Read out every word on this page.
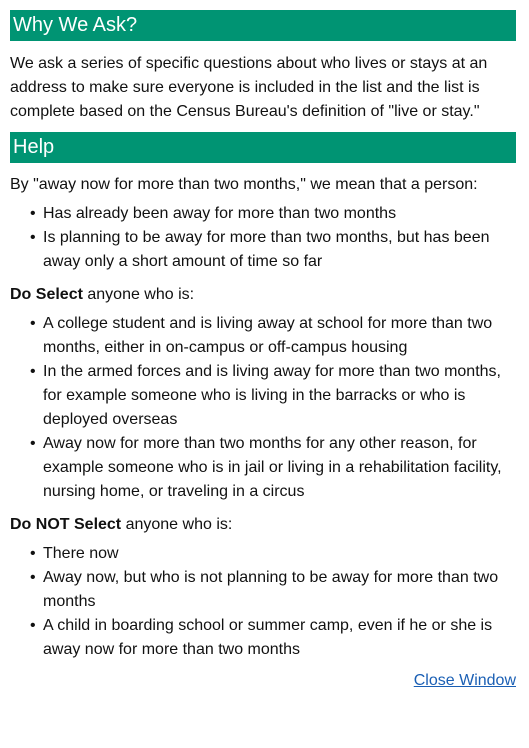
Why We Ask?

We ask a series of specific questions about who lives or stays at an address to make sure everyone is included in the list and the list is complete based on the Census Bureau's definition of "live or stay."

Help

By "away now for more than two months," we mean that a person:

• Has already been away for more than two months
• Is planning to be away for more than two months, but has been away only a short amount of time so far

Do Select anyone who is:

• A college student and is living away at school for more than two months, either in on-campus or off-campus housing
• In the armed forces and is living away for more than two months, for example someone who is living in the barracks or who is deployed overseas
• Away now for more than two months for any other reason, for example someone who is in jail or living in a rehabilitation facility, nursing home, or traveling in a circus

Do NOT Select anyone who is:

• There now
• Away now, but who is not planning to be away for more than two months
• A child in boarding school or summer camp, even if he or she is away now for more than two months
Close Window
